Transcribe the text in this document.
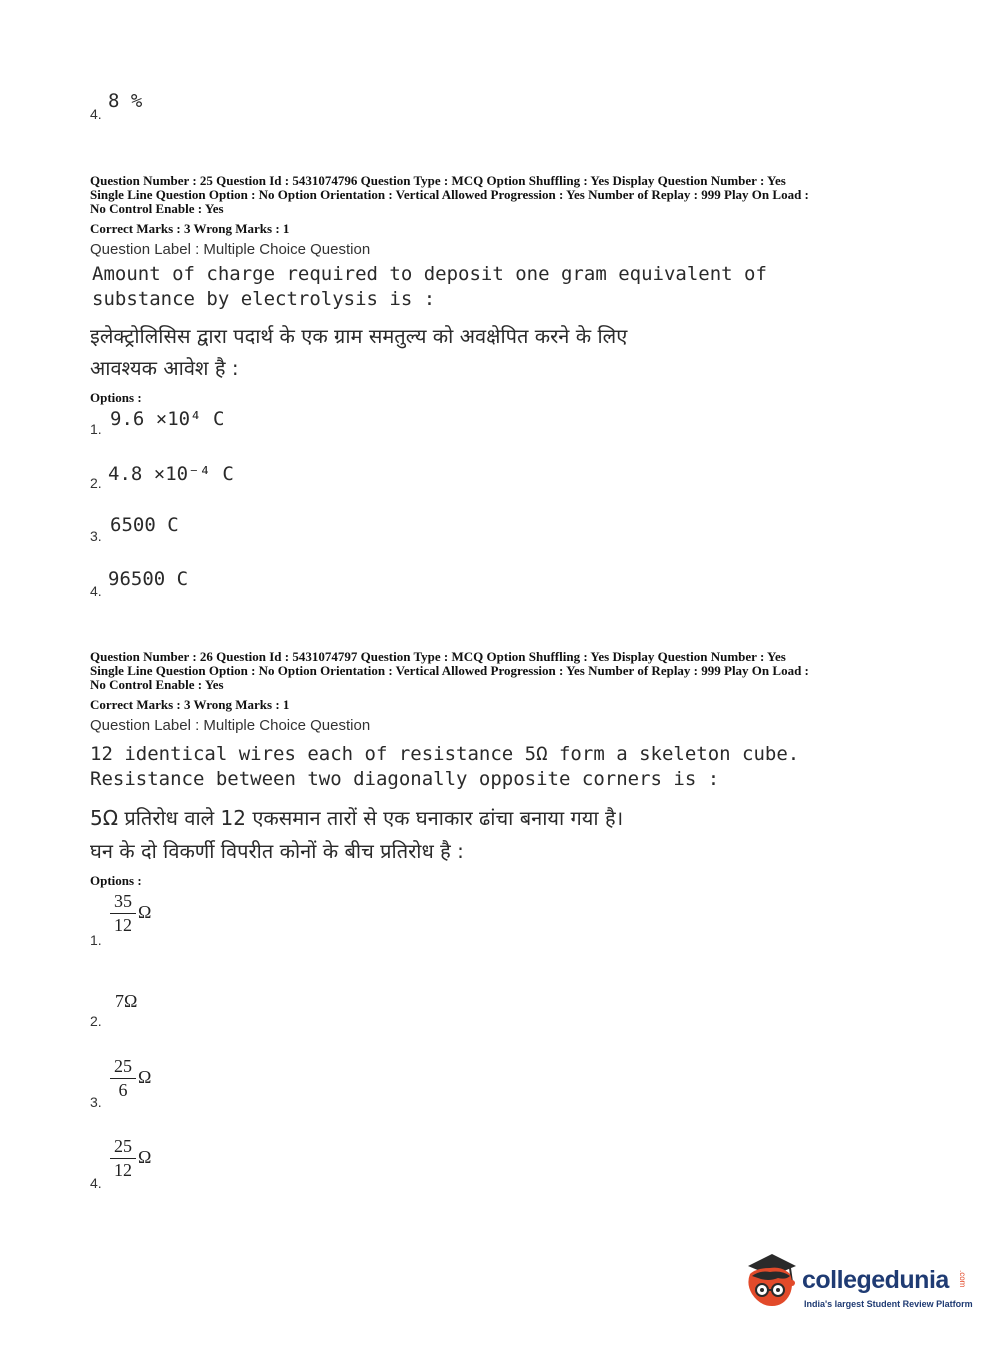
4.
8 %
Question Number : 25 Question Id : 5431074796 Question Type : MCQ Option Shuffling : Yes Display Question Number : Yes
Single Line Question Option : No Option Orientation : Vertical Allowed Progression : Yes Number of Replay : 999 Play On Load :
No Control Enable : Yes
Correct Marks : 3 Wrong Marks : 1
Question Label : Multiple Choice Question
Amount of charge required to deposit one gram equivalent of
substance by electrolysis is :
इलेक्ट्रोलिसिस द्वारा पदार्थ के एक ग्राम समतुल्य को अवक्षेपित करने के लिए
आवश्यक आवेश है :
Options :
1. 9.6 ×10⁴ C
2. 4.8 ×10⁻⁴ C
3. 6500 C
4.
96500 C
Question Number : 26 Question Id : 5431074797 Question Type : MCQ Option Shuffling : Yes Display Question Number : Yes
Single Line Question Option : No Option Orientation : Vertical Allowed Progression : Yes Number of Replay : 999 Play On Load :
No Control Enable : Yes
Correct Marks : 3 Wrong Marks : 1
Question Label : Multiple Choice Question
12 identical wires each of resistance 5Ω form a skeleton cube.
Resistance between two diagonally opposite corners is :
5Ω प्रतिरोध वाले 12 एकसमान तारों से एक घनाकार ढांचा बनाया गया है।
घन के दो विकर्णी विपरीत कोनों के बीच प्रतिरोध है :
Options :
1.
35
12
Ω
2.
7Ω
3.
25
6
Ω
4.
25
12
Ω
collegedunia .com
India's largest Student Review Platform
